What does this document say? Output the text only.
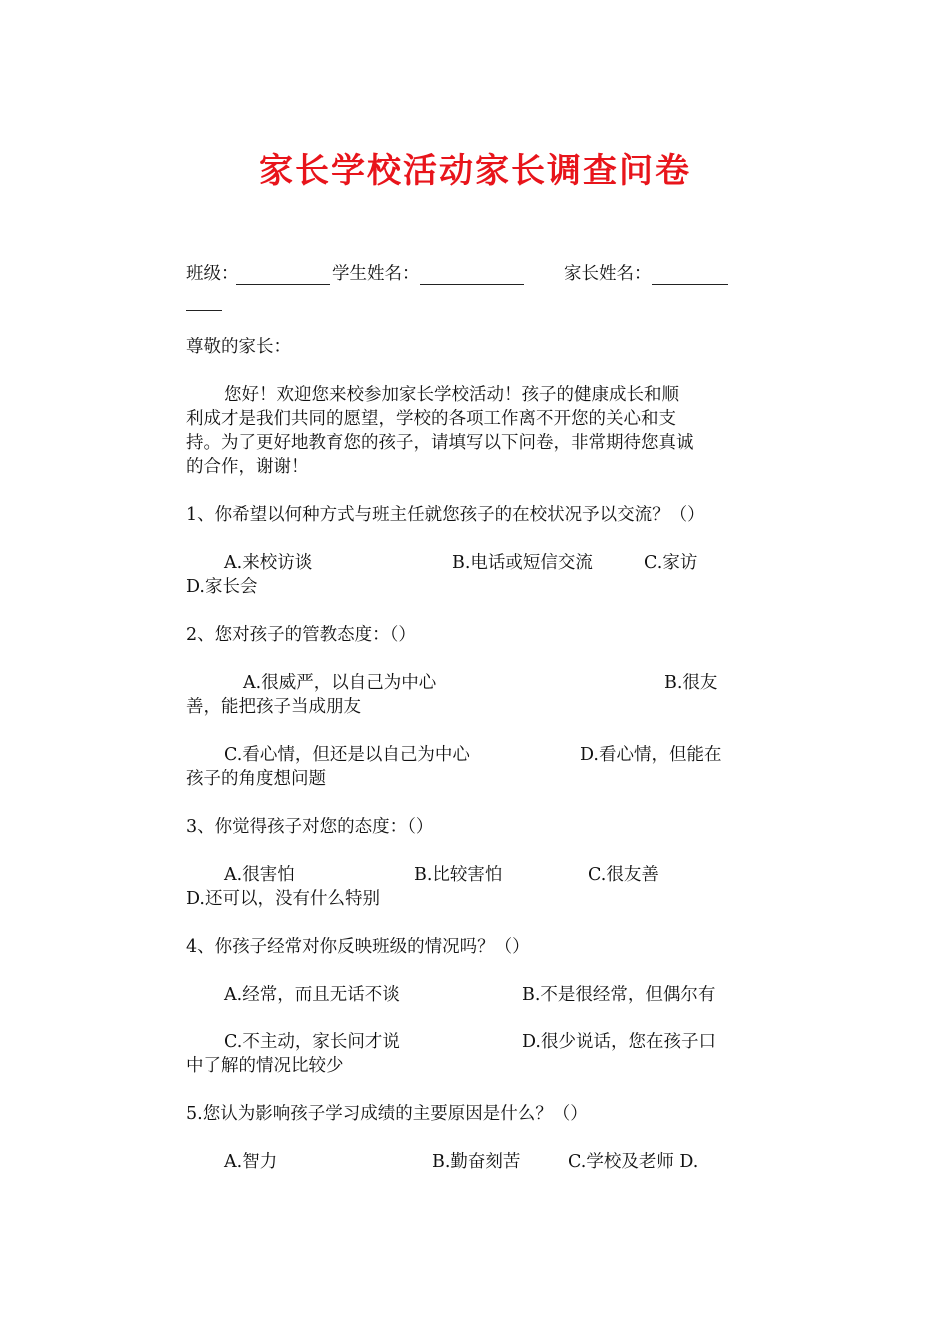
家长学校活动家长调查问卷
班级：	学生姓名：	家长姓名：
尊敬的家长：
您好！欢迎您来校参加家长学校活动！孩子的健康成长和顺
利成才是我们共同的愿望，学校的各项工作离不开您的关心和支
持。为了更好地教育您的孩子，请填写以下问卷，非常期待您真诚
的合作，谢谢！
1、你希望以何种方式与班主任就您孩子的在校状况予以交流？（）
A.来校访谈	B.电话或短信交流	C.家访
D.家长会
2、您对孩子的管教态度：（）
A.很威严，以自己为中心	B.很友
善，能把孩子当成朋友
C.看心情，但还是以自己为中心	D.看心情，但能在
孩子的角度想问题
3、你觉得孩子对您的态度：（）
A.很害怕	B.比较害怕	C.很友善
D.还可以，没有什么特别
4、你孩子经常对你反映班级的情况吗？（）
A.经常，而且无话不谈	B.不是很经常，但偶尔有
C.不主动，家长问才说	D.很少说话，您在孩子口
中了解的情况比较少
5.您认为影响孩子学习成绩的主要原因是什么？（）
A.智力	B.勤奋刻苦	C.学校及老师 D.
